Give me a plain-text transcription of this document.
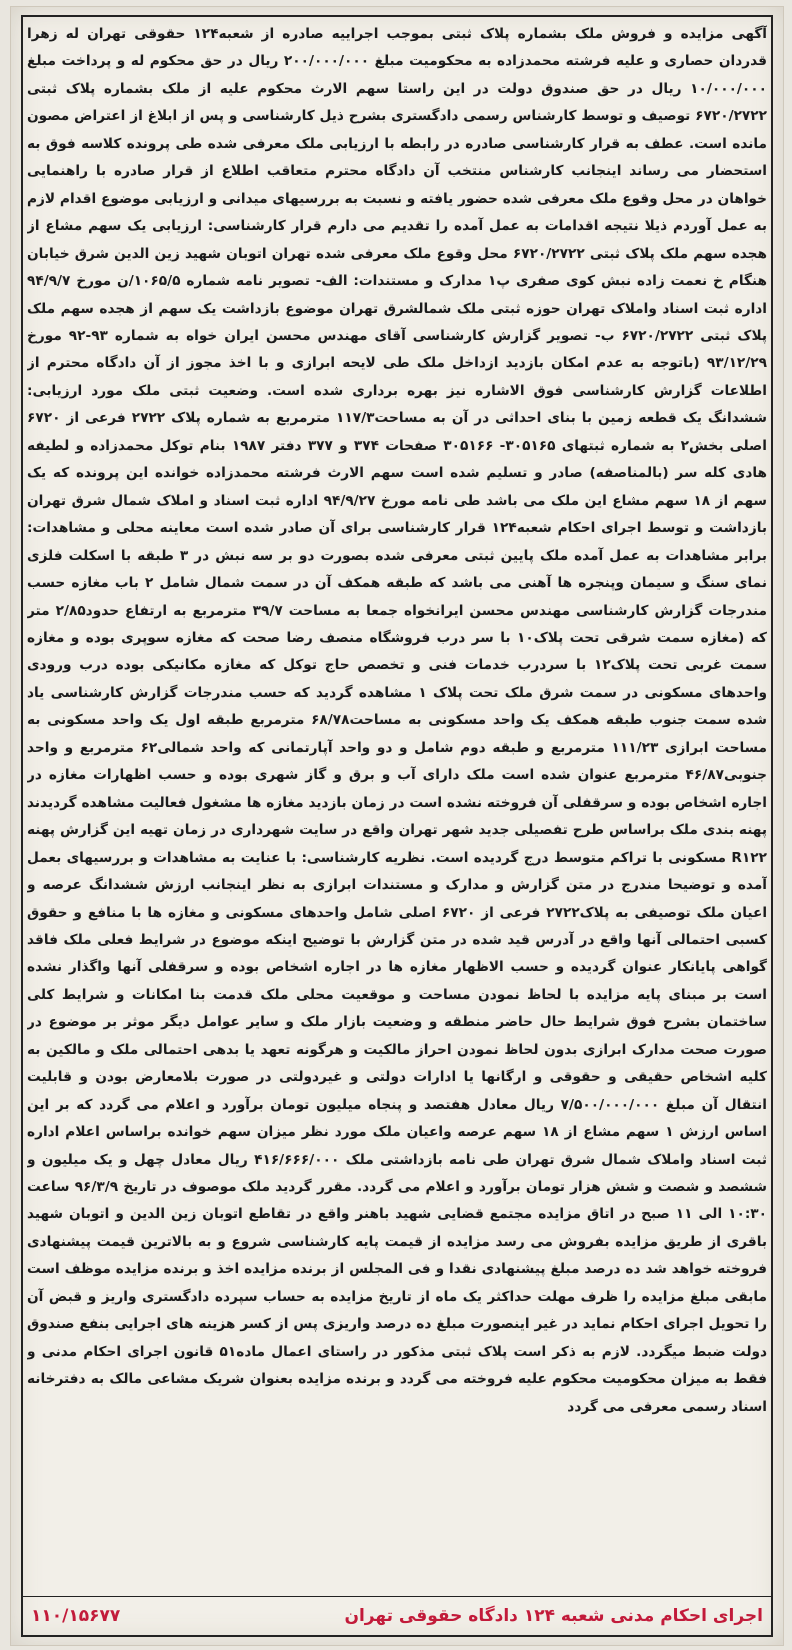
آگهی مزایده و فروش ملک بشماره پلاک ثبتی بموجب اجراییه صادره از شعبه۱۲۴ حقوقی تهران له زهرا قدردان حصاری و علیه فرشته محمدزاده به محکومیت مبلغ ۲۰۰/۰۰۰/۰۰۰ ریال در حق محکوم له و پرداخت مبلغ ۱۰/۰۰۰/۰۰۰ ریال در حق صندوق دولت در این راستا سهم الارث محکوم علیه از ملک بشماره پلاک ثبتی ۶۷۲۰/۲۷۲۲ توصیف و توسط کارشناس رسمی دادگستری بشرح ذیل کارشناسی و پس از ابلاغ از اعتراض مصون مانده است. عطف به قرار کارشناسی صادره در رابطه با ارزیابی ملک معرفی شده طی پرونده کلاسه فوق به استحضار می رساند اینجانب کارشناس منتخب آن دادگاه محترم متعاقب اطلاع از قرار صادره با راهنمایی خواهان در محل وقوع ملک معرفی شده حضور یافته و نسبت به بررسیهای میدانی و ارزیابی موضوع اقدام لازم به عمل آوردم ذیلا نتیجه اقدامات به عمل آمده را تقدیم می دارم قرار کارشناسی: ارزیابی یک سهم مشاع از هجده سهم ملک پلاک ثبتی ۶۷۲۰/۲۷۲۲ محل وقوع ملک معرفی شده تهران اتوبان شهید زین الدین شرق خیابان هنگام خ نعمت زاده نبش کوی صفری پ۱ مدارک و مستندات: الف- تصویر نامه شماره ۱۰۶۵/۵/ن مورخ ۹۴/۹/۷ اداره ثبت اسناد واملاک تهران حوزه ثبتی ملک شمالشرق تهران موضوع بازداشت یک سهم از هجده سهم ملک پلاک ثبتی ۶۷۲۰/۲۷۲۲ ب- تصویر گزارش کارشناسی آقای مهندس محسن ایران خواه به شماره ۹۳-۹۲ مورخ ۹۳/۱۲/۲۹ (باتوجه به عدم امکان بازدید ازداخل ملک طی لایحه ابرازی و با اخذ مجوز از آن دادگاه محترم از اطلاعات گزارش کارشناسی فوق الاشاره نیز بهره برداری شده است. وضعیت ثبتی ملک مورد ارزیابی: ششدانگ یک قطعه زمین با بنای احداثی در آن به مساحت۱۱۷/۳ مترمربع به شماره پلاک ۲۷۲۲ فرعی از ۶۷۲۰ اصلی بخش۲ به شماره ثبتهای ۳۰۵۱۶۵- ۳۰۵۱۶۶ صفحات ۳۷۴ و ۳۷۷ دفتر ۱۹۸۷ بنام توکل محمدزاده و لطیفه هادی کله سر (بالمناصفه) صادر و تسلیم شده است سهم الارث فرشته محمدزاده خوانده این پرونده که یک سهم از ۱۸ سهم مشاع این ملک می باشد طی نامه مورخ ۹۴/۹/۲۷ اداره ثبت اسناد و املاک شمال شرق تهران بازداشت و توسط اجرای احکام شعبه۱۲۴ قرار کارشناسی برای آن صادر شده است معاینه محلی و مشاهدات: برابر مشاهدات به عمل آمده ملک پایین ثبتی معرفی شده بصورت دو بر سه نبش در ۳ طبقه با اسکلت فلزی نمای سنگ و سیمان وپنجره ها آهنی می باشد که طبقه همکف آن در سمت شمال شامل ۲ باب مغازه حسب مندرجات گزارش کارشناسی مهندس محسن ایرانخواه جمعا به مساحت ۳۹/۷ مترمربع به ارتفاع حدود۲/۸۵ متر که (مغازه سمت شرقی تحت پلاک۱۰ با سر درب فروشگاه منصف رضا صحت که مغازه سوپری بوده و مغازه سمت غربی تحت پلاک۱۲ با سردرب خدمات فنی و تخصص حاج توکل که مغازه مکانیکی بوده درب ورودی واحدهای مسکونی در سمت شرق ملک تحت پلاک ۱ مشاهده گردید که حسب مندرجات گزارش کارشناسی یاد شده سمت جنوب طبقه همکف یک واحد مسکونی به مساحت۶۸/۷۸ مترمربع طبقه اول یک واحد مسکونی به مساحت ابرازی ۱۱۱/۲۳ مترمربع و طبقه دوم شامل و دو واحد آپارتمانی که واحد شمالی۶۲ مترمربع و واحد جنوبی۴۶/۸۷ مترمربع عنوان شده است ملک دارای آب و برق و گاز شهری بوده و حسب اظهارات مغازه در اجاره اشخاص بوده و سرقفلی آن فروخته نشده است در زمان بازدید مغازه ها مشغول فعالیت مشاهده گردیدند پهنه بندی ملک براساس طرح تفصیلی جدید شهر تهران واقع در سایت شهرداری در زمان تهیه این گزارش پهنه R۱۲۲ مسکونی با تراکم متوسط درج گردیده است. نظریه کارشناسی: با عنایت به مشاهدات و بررسیهای بعمل آمده و توضیحا مندرج در متن گزارش و مدارک و مستندات ابرازی به نظر اینجانب ارزش ششدانگ عرصه و اعیان ملک توصیفی به پلاک۲۷۲۲ فرعی از ۶۷۲۰ اصلی شامل واحدهای مسکونی و مغازه ها با منافع و حقوق کسبی احتمالی آنها واقع در آدرس قید شده در متن گزارش با توضیح اینکه موضوع در شرایط فعلی ملک فاقد گواهی پایانکار عنوان گردیده و حسب الاظهار مغازه ها در اجاره اشخاص بوده و سرقفلی آنها واگذار نشده است بر مبنای پایه مزایده با لحاظ نمودن مساحت و موقعیت محلی ملک قدمت بنا امکانات و شرایط کلی ساختمان بشرح فوق شرایط حال حاضر منطقه و وضعیت بازار ملک و سایر عوامل دیگر موثر بر موضوع در صورت صحت مدارک ابرازی بدون لحاظ نمودن احراز مالکیت و هرگونه تعهد یا بدهی احتمالی ملک و مالکین به کلیه اشخاص حقیقی و حقوقی و ارگانها یا ادارات دولتی و غیردولتی در صورت بلامعارض بودن و قابلیت انتقال آن مبلغ ۷/۵۰۰/۰۰۰/۰۰۰ ریال معادل هفتصد و پنجاه میلیون تومان برآورد و اعلام می گردد که بر این اساس ارزش ۱ سهم مشاع از ۱۸ سهم عرصه واعیان ملک مورد نظر میزان سهم خوانده براساس اعلام اداره ثبت اسناد واملاک شمال شرق تهران طی نامه بازداشتی ملک ۴۱۶/۶۶۶/۰۰۰ ریال معادل چهل و یک میلیون و ششصد و شصت و شش هزار تومان برآورد و اعلام می گردد. مقرر گردید ملک موصوف در تاریخ ۹۶/۳/۹ ساعت ۱۰:۳۰ الی ۱۱ صبح در اتاق مزایده مجتمع قضایی شهید باهنر واقع در تقاطع اتوبان زین الدین و اتوبان شهید باقری از طریق مزایده بفروش می رسد مزایده از قیمت پایه کارشناسی شروع و به بالاترین قیمت پیشنهادی فروخته خواهد شد ده درصد مبلغ پیشنهادی نقدا و فی المجلس از برنده مزایده اخذ و برنده مزایده موظف است مابقی مبلغ مزایده را ظرف مهلت حداکثر یک ماه از تاریخ مزایده به حساب سپرده دادگستری واریز و قبض آن را تحویل اجرای احکام نماید در غیر اینصورت مبلغ ده درصد واریزی پس از کسر هزینه های اجرایی بنفع صندوق دولت ضبط میگردد. لازم به ذکر است پلاک ثبتی مذکور در راستای اعمال ماده۵۱ قانون اجرای احکام مدنی و فقط به میزان محکومیت محکوم علیه فروخته می گردد و برنده مزایده بعنوان شریک مشاعی مالک به دفترخانه اسناد رسمی معرفی می گردد
اجرای احکام مدنی شعبه ۱۲۴ دادگاه حقوقی تهران
۱۱۰/۱۵۶۷۷
